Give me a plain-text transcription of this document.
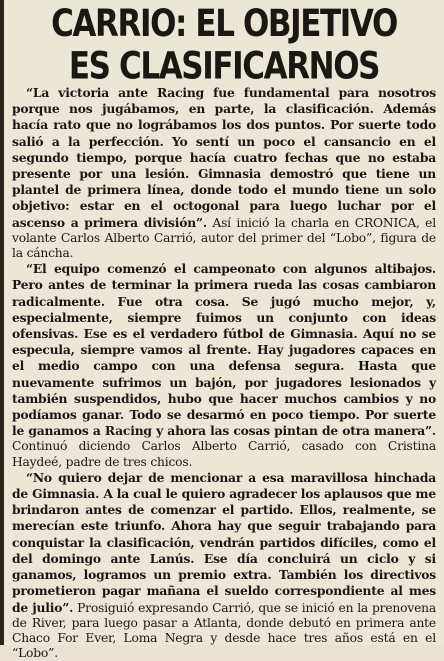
CARRIO: EL OBJETIVO
ES CLASIFICARNOS

“La victoria ante Racing fue fundamental para nosotros porque nos jugábamos, en parte, la clasificación. Además hacía rato que no lográbamos los dos puntos. Por suerte todo salió a la perfección. Yo sentí un poco el cansancio en el segundo tiempo, porque hacía cuatro fechas que no estaba presente por una lesión. Gimnasia demostró que tiene un plantel de primera línea, donde todo el mundo tiene un solo objetivo: estar en el octogonal para luego luchar por el ascenso a primera división”. Así inició la charla en CRONICA, el volante Carlos Alberto Carrió, autor del primer del “Lobo”, figura de la cáncha.

“El equipo comenzó el campeonato con algunos altibajos. Pero antes de terminar la primera rueda las cosas cambiaron radicalmente. Fue otra cosa. Se jugó mucho mejor, y, especialmente, siempre fuimos un conjunto con ideas ofensivas. Ese es el verdadero fútbol de Gimnasia. Aquí no se especula, siempre vamos al frente. Hay jugadores capaces en el medio campo con una defensa segura. Hasta que nuevamente sufrimos un bajón, por jugadores lesionados y también suspendidos, hubo que hacer muchos cambios y no podíamos ganar. Todo se desarmó en poco tiempo. Por suerte le ganamos a Racing y ahora las cosas pintan de otra manera”. Continuó diciendo Carlos Alberto Carrió, casado con Cristina Haydeé, padre de tres chicos.

“No quiero dejar de mencionar a esa maravillosa hinchada de Gimnasia. A la cual le quiero agradecer los aplausos que me brindaron antes de comenzar el partido. Ellos, realmente, se merecían este triunfo. Ahora hay que seguir trabajando para conquistar la clasificación, vendrán partidos difíciles, como el del domingo ante Lanús. Ese día concluirá un ciclo y si ganamos, logramos un premio extra. También los directivos prometieron pagar mañana el sueldo correspondiente al mes de julio”. Prosiguió expresando Carrió, que se inició en la prenovena de River, para luego pasar a Atlanta, donde debutó en primera ante Chaco For Ever, Loma Negra y desde hace tres años está en el “Lobo”.
